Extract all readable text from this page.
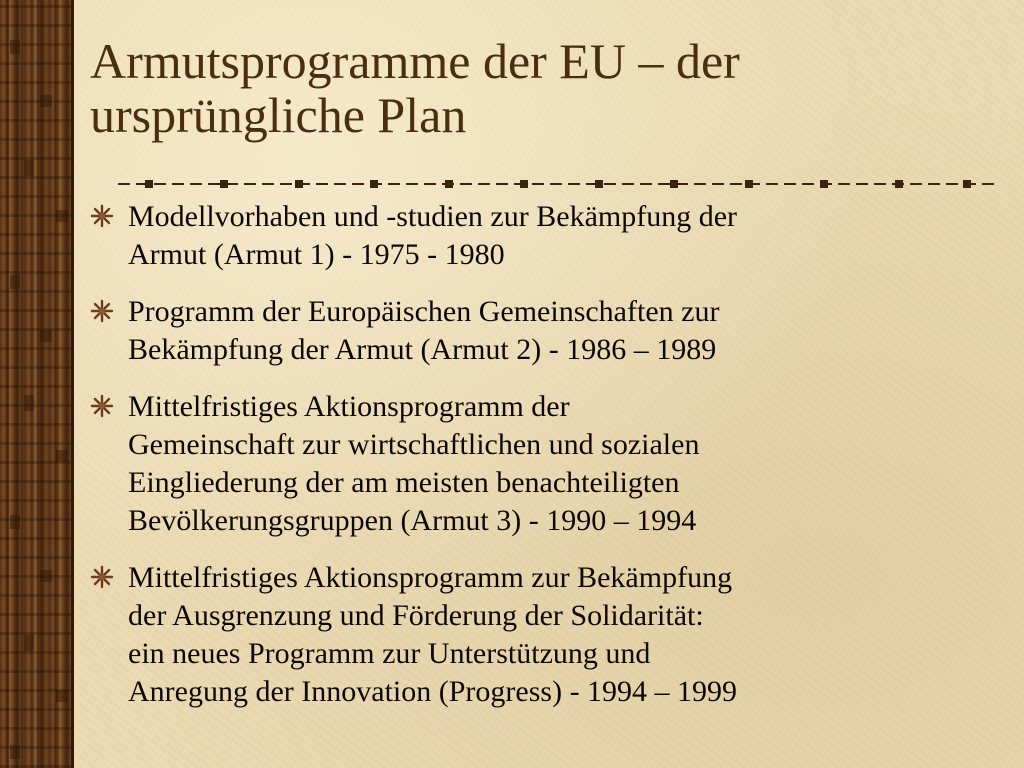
Armutsprogramme der EU – der ursprüngliche Plan
Modellvorhaben und -studien zur Bekämpfung der
Armut (Armut 1) - 1975 - 1980
Programm der Europäischen Gemeinschaften zur
Bekämpfung der Armut (Armut 2) - 1986 – 1989
Mittelfristiges Aktionsprogramm der
Gemeinschaft zur wirtschaftlichen und sozialen
Eingliederung der am meisten benachteiligten
Bevölkerungsgruppen (Armut 3) - 1990 – 1994
Mittelfristiges Aktionsprogramm zur Bekämpfung
der Ausgrenzung und Förderung der Solidarität:
ein neues Programm zur Unterstützung und
Anregung der Innovation (Progress) - 1994 – 1999
